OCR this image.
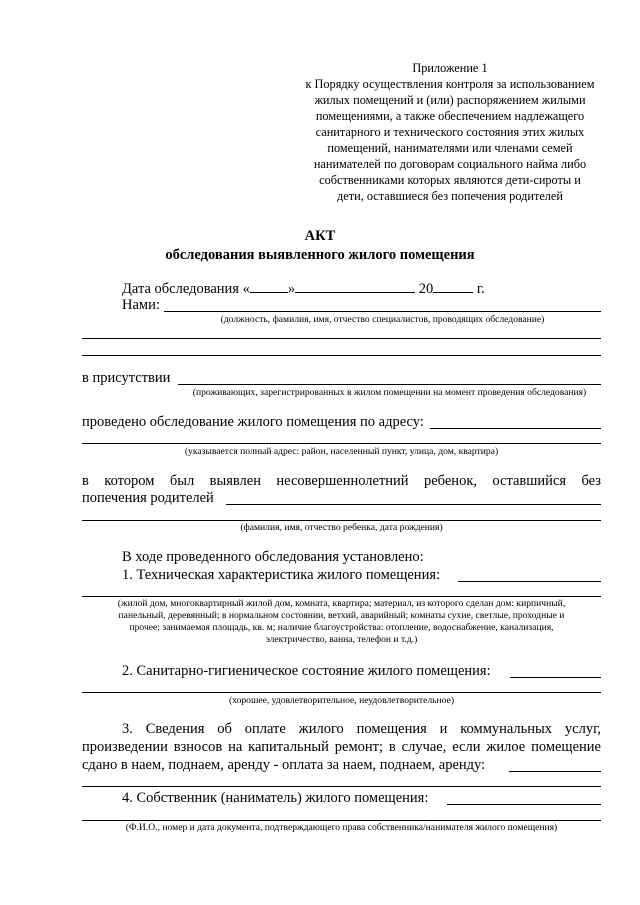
Приложение 1
к Порядку осуществления контроля за использованием
жилых помещений и (или) распоряжением жилыми
помещениями, а также обеспечением надлежащего
санитарного и технического состояния этих жилых
помещений, нанимателями или членами семей
нанимателей по договорам социального найма либо
собственниками которых являются дети-сироты и
дети, оставшиеся без попечения родителей
АКТ
обследования выявленного жилого помещения
Дата обследования «	»	20	г.
Нами:
(должность, фамилия, имя, отчество специалистов, проводящих обследование)
в присутствии
(проживающих, зарегистрированных в жилом помещении на момент проведения обследования)
проведено обследование жилого помещения по адресу:
(указывается полный адрес: район, населенный пункт, улица, дом, квартира)
в котором был выявлен несовершеннолетний ребенок, оставшийся без
попечения родителей
(фамилия, имя, отчество ребенка, дата рождения)
В ходе проведенного обследования установлено:
1. Техническая характеристика жилого помещения:
(жилой дом, многоквартирный жилой дом, комната, квартира; материал, из которого сделан дом: кирпичный,
панельный, деревянный; в нормальном состоянии, ветхий, аварийный; комнаты сухие, светлые, проходные и
прочее; занимаемая площадь, кв. м; наличие благоустройства: отопление, водоснабжение, канализация,
электричество, ванна, телефон и т.д.)
2. Санитарно-гигиеническое состояние жилого помещения:
(хорошее, удовлетворительное, неудовлетворительное)
3. Сведения об оплате жилого помещения и коммунальных услуг,
произведении взносов на капитальный ремонт; в случае, если жилое помещение
сдано в наем, поднаем, аренду - оплата за наем, поднаем, аренду:
4. Собственник (наниматель) жилого помещения:
(Ф.И.О., номер и дата документа, подтверждающего права собственника/нанимателя жилого помещения)
